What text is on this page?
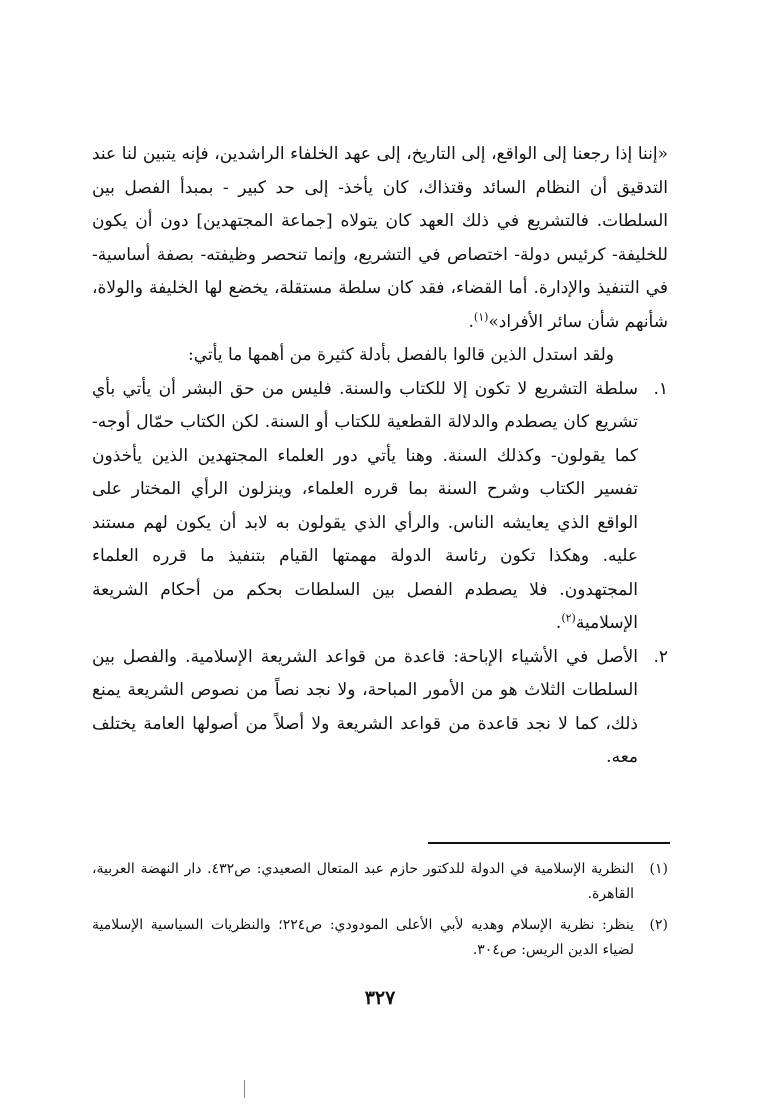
«إننا إذا رجعنا إلى الواقع، إلى التاريخ، إلى عهد الخلفاء الراشدين، فإنه يتبين لنا عند التدقيق أن النظام السائد وقتذاك، كان يأخذ- إلى حد كبير - بمبدأ الفصل بين السلطات. فالتشريع في ذلك العهد كان يتولاه [جماعة المجتهدين] دون أن يكون للخليفة- كرئيس دولة- اختصاص في التشريع، وإنما تنحصر وظيفته- بصفة أساسية- في التنفيذ والإدارة. أما القضاء، فقد كان سلطة مستقلة، يخضع لها الخليفة والولاة، شأنهم شأن سائر الأفراد»$^{(١)}$.

ولقد استدل الذين قالوا بالفصل بأدلة كثيرة من أهمها ما يأتي:

١.

سلطة التشريع لا تكون إلا للكتاب والسنة. فليس من حق البشر أن يأتي بأي تشريع كان يصطدم والدلالة القطعية للكتاب أو السنة. لكن الكتاب حمّال أوجه- كما يقولون- وكذلك السنة. وهنا يأتي دور العلماء المجتهدين الذين يأخذون تفسير الكتاب وشرح السنة بما قرره العلماء، وينزلون الرأي المختار على الواقع الذي يعايشه الناس. والرأي الذي يقولون به لابد أن يكون لهم مستند عليه. وهكذا تكون رئاسة الدولة مهمتها القيام بتنفيذ ما قرره العلماء المجتهدون. فلا يصطدم الفصل بين السلطات بحكم من أحكام الشريعة الإسلامية$^{(٢)}$.

٢.

الأصل في الأشياء الإباحة: قاعدة من قواعد الشريعة الإسلامية. والفصل بين السلطات الثلاث هو من الأمور المباحة، ولا نجد نصاً من نصوص الشريعة يمنع ذلك، كما لا نجد قاعدة من قواعد الشريعة ولا أصلاً من أصولها العامة يختلف معه.

(١)
النظرية الإسلامية في الدولة للدكتور حازم عبد المتعال الصعيدي: ص٤٣٢. دار النهضة العربية، القاهرة.

(٢)
ينظر: نظرية الإسلام وهديه لأبي الأعلى المودودي: ص٢٢٤؛ والنظريات السياسية الإسلامية لضياء الدين الريس: ص٣٠٤.

٣٢٧
